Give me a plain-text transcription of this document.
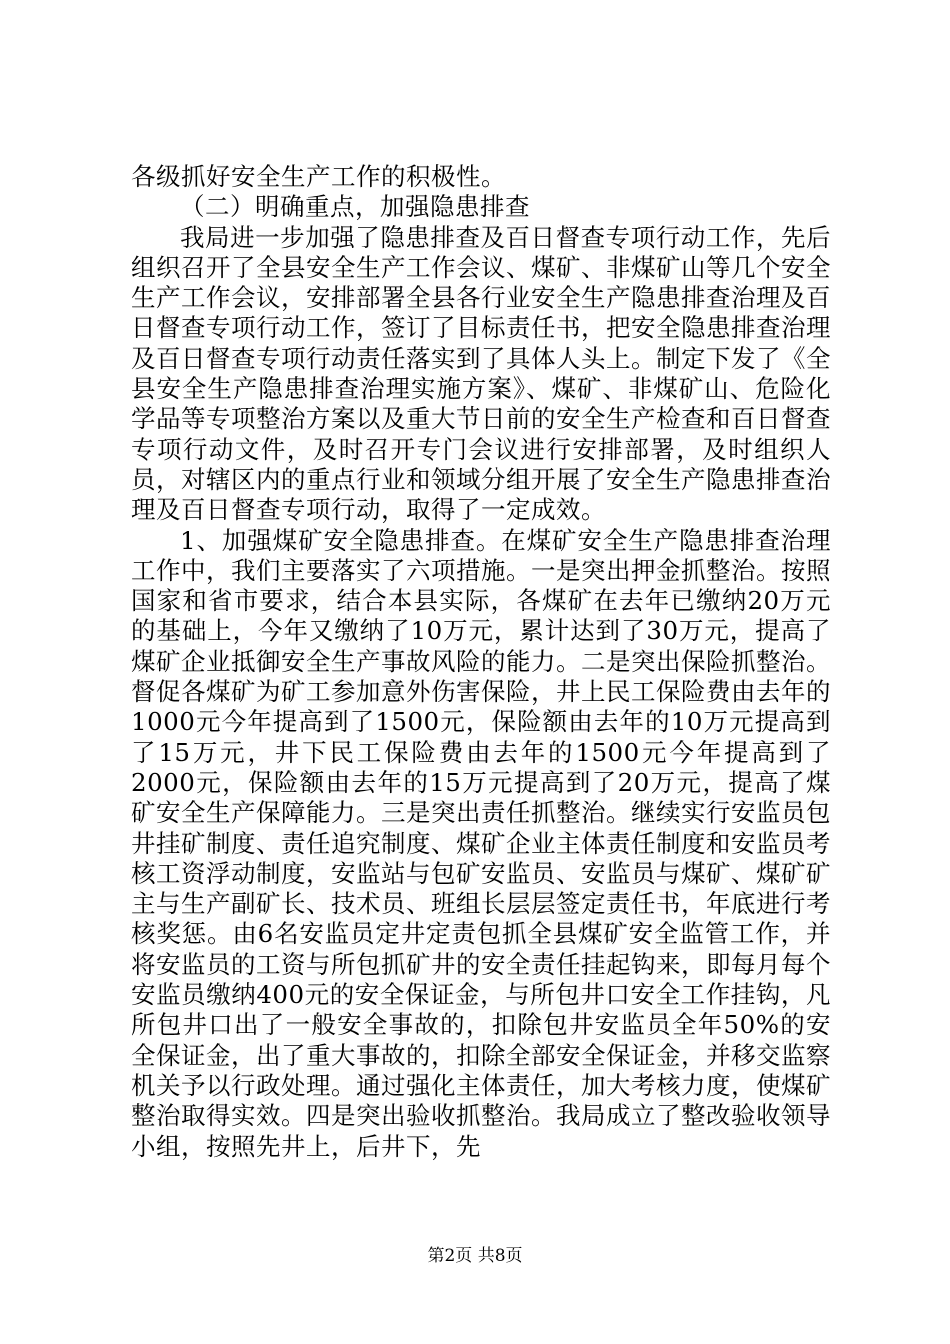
各级抓好安全生产工作的积极性。

（二）明确重点，加强隐患排查

我局进一步加强了隐患排查及百日督查专项行动工作，先后组织召开了全县安全生产工作会议、煤矿、非煤矿山等几个安全生产工作会议，安排部署全县各行业安全生产隐患排查治理及百日督查专项行动工作，签订了目标责任书，把安全隐患排查治理及百日督查专项行动责任落实到了具体人头上。制定下发了《全县安全生产隐患排查治理实施方案》、煤矿、非煤矿山、危险化学品等专项整治方案以及重大节日前的安全生产检查和百日督查专项行动文件，及时召开专门会议进行安排部署，及时组织人员，对辖区内的重点行业和领域分组开展了安全生产隐患排查治理及百日督查专项行动，取得了一定成效。

1、加强煤矿安全隐患排查。在煤矿安全生产隐患排查治理工作中，我们主要落实了六项措施。一是突出押金抓整治。按照国家和省市要求，结合本县实际，各煤矿在去年已缴纳20万元的基础上，今年又缴纳了10万元，累计达到了30万元，提高了煤矿企业抵御安全生产事故风险的能力。二是突出保险抓整治。督促各煤矿为矿工参加意外伤害保险，井上民工保险费由去年的1000元今年提高到了1500元，保险额由去年的10万元提高到了15万元，井下民工保险费由去年的1500元今年提高到了2000元，保险额由去年的15万元提高到了20万元，提高了煤矿安全生产保障能力。三是突出责任抓整治。继续实行安监员包井挂矿制度、责任追究制度、煤矿企业主体责任制度和安监员考核工资浮动制度，安监站与包矿安监员、安监员与煤矿、煤矿矿主与生产副矿长、技术员、班组长层层签定责任书，年底进行考核奖惩。由6名安监员定井定责包抓全县煤矿安全监管工作，并将安监员的工资与所包抓矿井的安全责任挂起钩来，即每月每个安监员缴纳400元的安全保证金，与所包井口安全工作挂钩，凡所包井口出了一般安全事故的，扣除包井安监员全年50%的安全保证金，出了重大事故的，扣除全部安全保证金，并移交监察机关予以行政处理。通过强化主体责任，加大考核力度，使煤矿整治取得实效。四是突出验收抓整治。我局成立了整改验收领导小组，按照先井上，后井下，先

第2页 共8页
